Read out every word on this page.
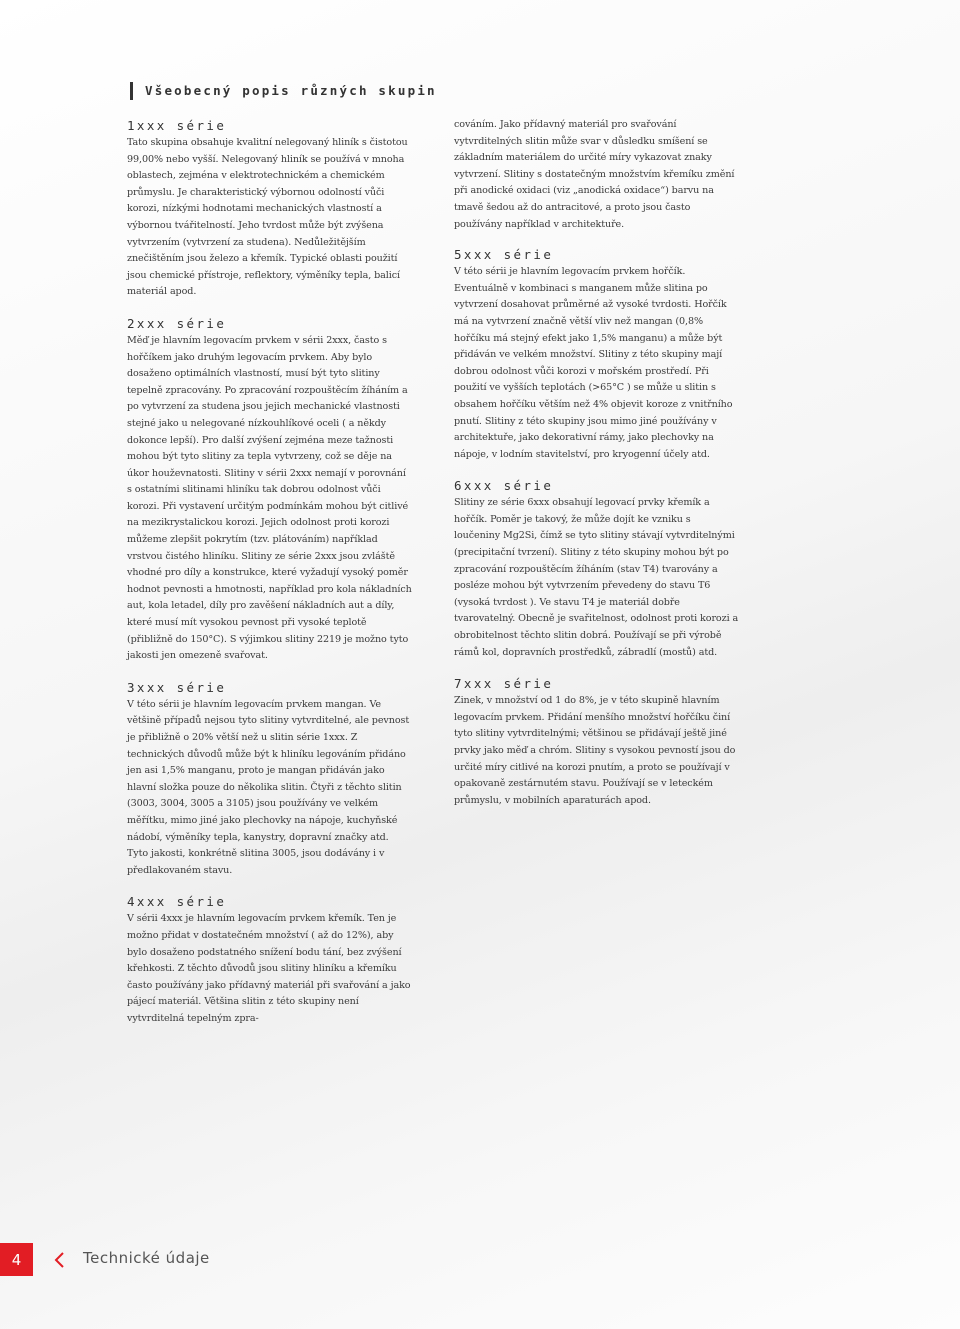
Všeobecný popis různých skupin
1xxx série

Tato skupina obsahuje kvalitní nelegovaný hliník s čistotou 99,00% nebo vyšší. Nelegovaný hliník se používá v mnoha oblastech, zejména v elektrotechnickém a chemickém průmyslu. Je charakteristický výbornou odolností vůči korozi, nízkými hodnotami mechanických vlastností a výbornou tvářitelností. Jeho tvrdost může být zvýšena vytvrzením (vytvrzení za studena). Nedůležitějším znečištěním jsou železo a křemík. Typické oblasti použití jsou chemické přístroje, reflektory, výměníky tepla, balicí materiál apod.

2xxx série

Měď je hlavním legovacím prvkem v sérii 2xxx, často s hořčíkem jako druhým legovacím prvkem. Aby bylo dosaženo optimálních vlastností, musí být tyto slitiny tepelně zpracovány. Po zpracování rozpouštěcím žíháním a po vytvrzení za studena jsou jejich mechanické vlastnosti stejné jako u nelegované nízkouhlíkové oceli ( a někdy dokonce lepší). Pro další zvýšení zejména meze tažnosti mohou být tyto slitiny za tepla vytvrzeny, což se děje na úkor houževnatosti. Slitiny v sérii 2xxx nemají v porovnání s ostatními slitinami hliníku tak dobrou odolnost vůči korozi. Při vystavení určitým podmínkám mohou být citlivé na mezikrystalickou korozi. Jejich odolnost proti korozi můžeme zlepšit pokrytím (tzv. plátováním) například vrstvou čistého hliníku. Slitiny ze série 2xxx jsou zvláště vhodné pro díly a konstrukce, které vyžadují vysoký poměr hodnot pevnosti a hmotnosti, například pro kola nákladních aut, kola letadel, díly pro zavěšení nákladních aut a díly, které musí mít vysokou pevnost při vysoké teplotě (přibližně do 150°C). S výjimkou slitiny 2219 je možno tyto jakosti jen omezeně svařovat.

3xxx série

V této sérii je hlavním legovacím prvkem mangan. Ve většině případů nejsou tyto slitiny vytvrditelné, ale pevnost je přibližně o 20% větší než u slitin série 1xxx. Z technických důvodů může být k hliníku legováním přidáno jen asi 1,5% manganu, proto je mangan přidáván jako hlavní složka pouze do několika slitin. Čtyři z těchto slitin (3003, 3004, 3005 a 3105) jsou používány ve velkém měřítku, mimo jiné jako plechovky na nápoje, kuchyňské nádobí, výměníky tepla, kanystry, dopravní značky atd. Tyto jakosti, konkrétně slitina 3005, jsou dodávány i v předlakovaném stavu.

4xxx série

V sérii 4xxx je hlavním legovacím prvkem křemík. Ten je možno přidat v dostatečném množství ( až do 12%), aby bylo dosaženo podstatného snížení bodu tání, bez zvýšení křehkosti. Z těchto důvodů jsou slitiny hliníku a křemíku často používány jako přídavný materiál při svařování a jako pájecí materiál. Většina slitin z této skupiny není vytvrditelná tepelným zpra-

cováním. Jako přídavný materiál pro svařování vytvrditelných slitin může svar v důsledku smíšení se základním materiálem do určité míry vykazovat znaky vytvrzení. Slitiny s dostatečným množstvím křemíku změní při anodické oxidaci (viz „anodická oxidace“) barvu na tmavě šedou až do antracitové, a proto jsou často používány například v architektuře.

5xxx série

V této sérii je hlavním legovacím prvkem hořčík. Eventuálně v kombinaci s manganem může slitina po vytvrzení dosahovat průměrné až vysoké tvrdosti. Hořčík má na vytvrzení značně větší vliv než mangan (0,8% hořčíku má stejný efekt jako 1,5% manganu) a může být přidáván ve velkém množství. Slitiny z této skupiny mají dobrou odolnost vůči korozi v mořském prostředí. Při použití ve vyšších teplotách (>65°C ) se může u slitin s obsahem hořčíku větším než 4% objevit koroze z vnitřního pnutí. Slitiny z této skupiny jsou mimo jiné používány v architektuře, jako dekorativní rámy, jako plechovky na nápoje, v lodním stavitelství, pro kryogenní účely atd.

6xxx série

Slitiny ze série 6xxx obsahují legovací prvky křemík a hořčík. Poměr je takový, že může dojít ke vzniku s loučeniny Mg2Si, čímž se tyto slitiny stávají vytvrditelnými (precipitační tvrzení). Slitiny z této skupiny mohou být po zpracování rozpouštěcím žíháním (stav T4) tvarovány a posléze mohou být vytvrzením převedeny do stavu T6 (vysoká tvrdost ). Ve stavu T4 je materiál dobře tvarovatelný. Obecně je svařitelnost, odolnost proti korozi a obrobitelnost těchto slitin dobrá. Používají se při výrobě rámů kol, dopravních prostředků, zábradlí (mostů) atd.

7xxx série

Zinek, v množství od 1 do 8%, je v této skupině hlavním legovacím prvkem. Přidání menšího množství hořčíku činí tyto slitiny vytvrditelnými; většinou se přidávají ještě jiné prvky jako měď a chróm. Slitiny s vysokou pevností jsou do určité míry citlivé na korozi pnutím, a proto se používají v opakovaně zestárnutém stavu. Používají se v leteckém průmyslu, v mobilních aparaturách apod.

4	Technické údaje
